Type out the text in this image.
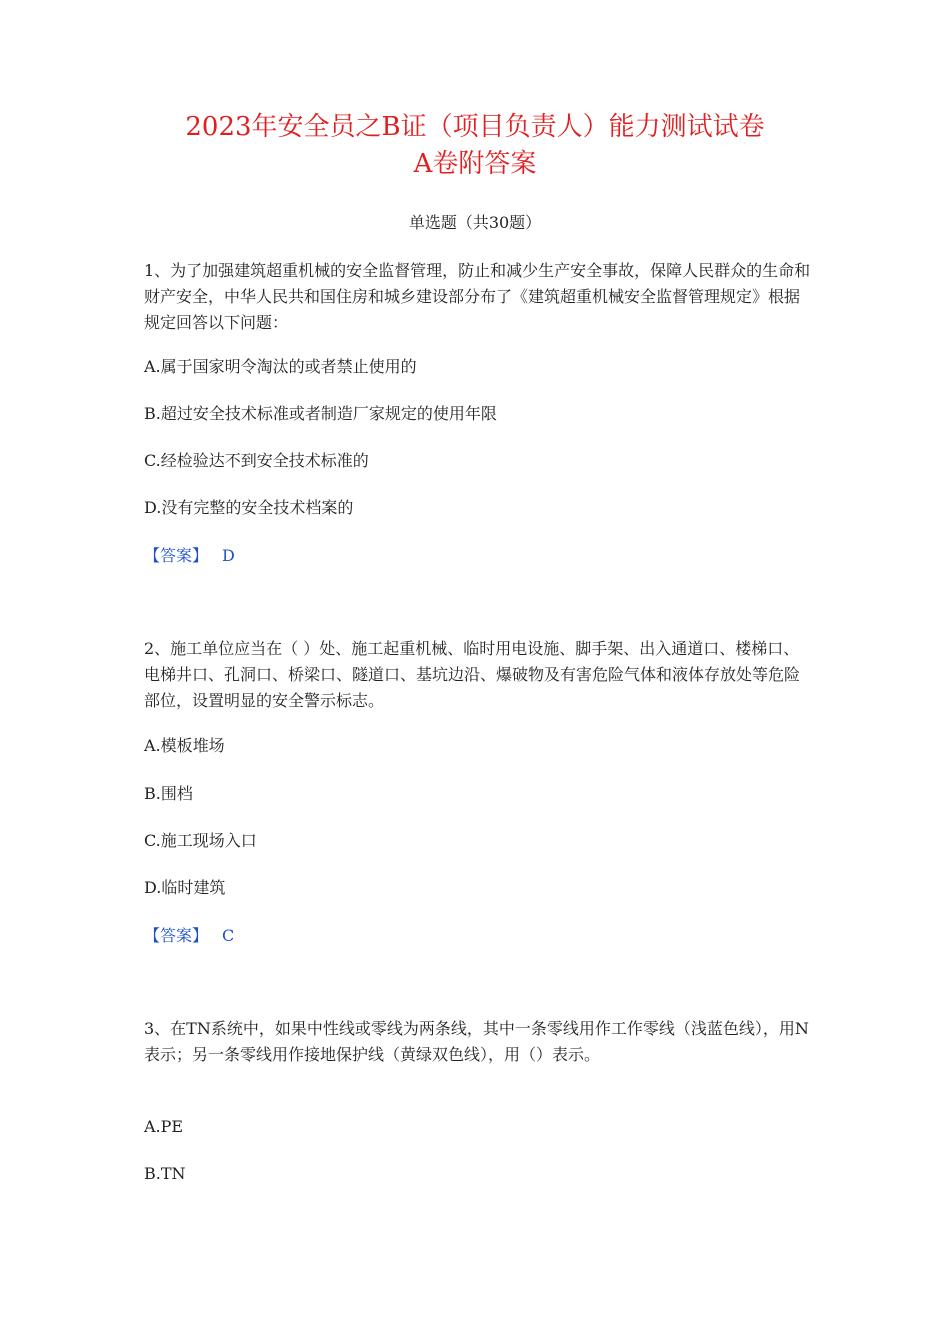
2023年安全员之B证（项目负责人）能力测试试卷
A卷附答案
单选题（共30题）

1、为了加强建筑超重机械的安全监督管理，防止和减少生产安全事故，保障人民群众的生命和财产安全，中华人民共和国住房和城乡建设部分布了《建筑超重机械安全监督管理规定》根据规定回答以下问题：

A.属于国家明令淘汰的或者禁止使用的
B.超过安全技术标准或者制造厂家规定的使用年限
C.经检验达不到安全技术标准的
D.没有完整的安全技术档案的
【答案】 D

2、施工单位应当在（ ）处、施工起重机械、临时用电设施、脚手架、出入通道口、楼梯口、电梯井口、孔洞口、桥梁口、隧道口、基坑边沿、爆破物及有害危险气体和液体存放处等危险部位，设置明显的安全警示标志。

A.模板堆场
B.围档
C.施工现场入口
D.临时建筑
【答案】 C

3、在TN系统中，如果中性线或零线为两条线，其中一条零线用作工作零线（浅蓝色线），用N表示；另一条零线用作接地保护线（黄绿双色线），用（）表示。

A.PE
B.TN
